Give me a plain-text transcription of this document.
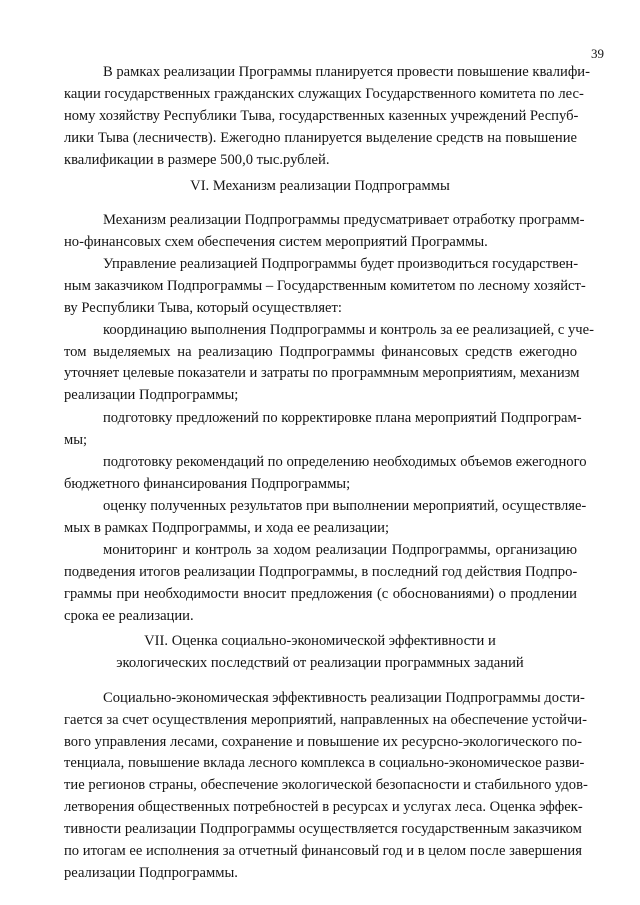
39
В рамках реализации Программы планируется провести повышение квалифи-
кации государственных гражданских служащих Государственного комитета по лес-
ному хозяйству Республики Тыва, государственных казенных учреждений Респуб-
лики Тыва (лесничеств). Ежегодно планируется выделение средств на повышение
квалификации в размере 500,0 тыс.рублей.
VI. Механизм реализации Подпрограммы
Механизм реализации Подпрограммы предусматривает отработку программ-
но-финансовых схем обеспечения систем мероприятий Программы.
Управление реализацией Подпрограммы будет производиться государствен-
ным заказчиком Подпрограммы – Государственным комитетом по лесному хозяйст-
ву Республики Тыва, который осуществляет:
координацию выполнения Подпрограммы и контроль за ее реализацией, с уче-
том выделяемых на реализацию Подпрограммы финансовых средств ежегодно
уточняет целевые показатели и затраты по программным мероприятиям, механизм
реализации Подпрограммы;
подготовку предложений по корректировке плана мероприятий Подпрограм-
мы;
подготовку рекомендаций по определению необходимых объемов ежегодного
бюджетного финансирования Подпрограммы;
оценку полученных результатов при выполнении мероприятий, осуществляе-
мых в рамках Подпрограммы, и хода ее реализации;
мониторинг и контроль за ходом реализации Подпрограммы, организацию
подведения итогов реализации Подпрограммы, в последний год действия Подпро-
граммы при необходимости вносит предложения (с обоснованиями) о продлении
срока ее реализации.
VII. Оценка социально-экономической эффективности и
экологических последствий от реализации программных заданий
Социально-экономическая эффективность реализации Подпрограммы дости-
гается за счет осуществления мероприятий, направленных на обеспечение устойчи-
вого управления лесами, сохранение и повышение их ресурсно-экологического по-
тенциала, повышение вклада лесного комплекса в социально-экономическое разви-
тие регионов страны, обеспечение экологической безопасности и стабильного удов-
летворения общественных потребностей в ресурсах и услугах леса. Оценка эффек-
тивности реализации Подпрограммы осуществляется государственным заказчиком
по итогам ее исполнения за отчетный финансовый год и в целом после завершения
реализации Подпрограммы.
